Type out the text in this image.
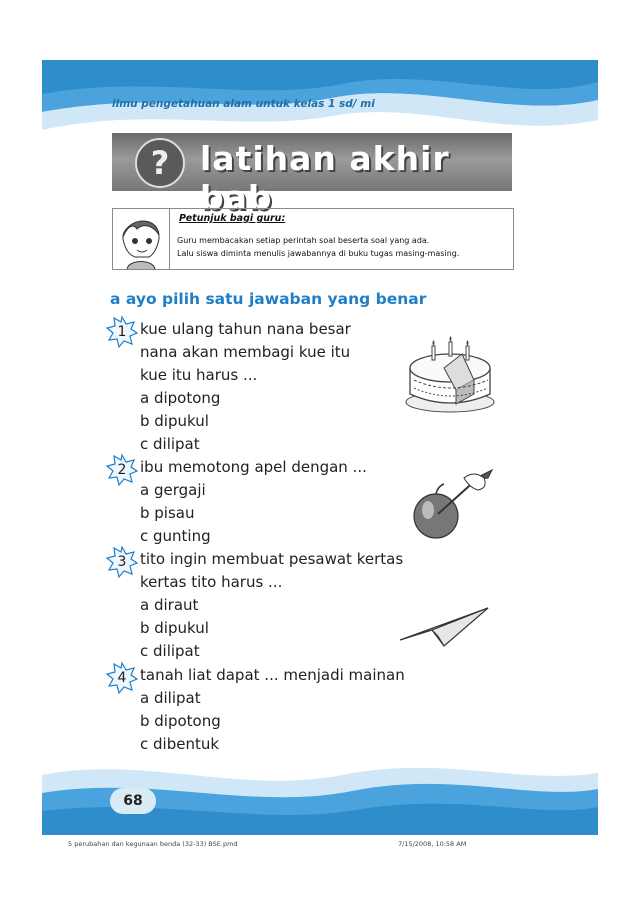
ilmu pengetahuan alam untuk kelas 1 sd/ mi
? latihan akhir bab
Petunjuk bagi guru:
Guru membacakan setiap perintah soal beserta soal yang ada.
Lalu siswa diminta menulis jawabannya di buku tugas masing-masing.
a ayo pilih satu jawaban yang benar
1 kue ulang tahun nana besar
nana akan membagi kue itu
kue itu harus ...
a dipotong
b dipukul
c dilipat
2 ibu memotong apel dengan ...
a gergaji
b pisau
c gunting
3 tito ingin membuat pesawat kertas
kertas tito harus ...
a diraut
b dipukul
c dilipat
4 tanah liat dapat ... menjadi mainan
a dilipat
b dipotong
c dibentuk
68
5 perubahan dan kegunaan benda (32-33) BSE.pmd	7/15/2008, 10:58 AM
